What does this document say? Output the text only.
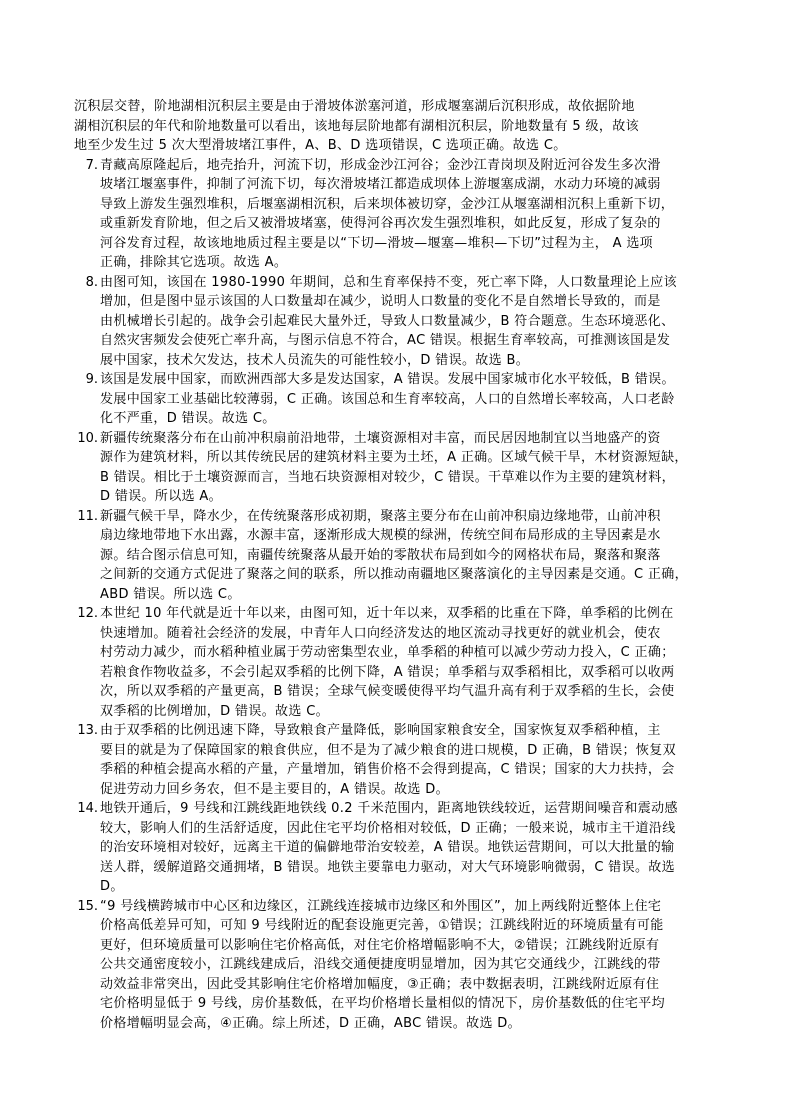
沉积层交替，阶地湖相沉积层主要是由于滑坡体淤塞河道，形成堰塞湖后沉积形成，故依据阶地
湖相沉积层的年代和阶地数量可以看出，该地每层阶地都有湖相沉积层，阶地数量有 5 级，故该
地至少发生过 5 次大型滑坡堵江事件，A、B、D 选项错误，C 选项正确。故选 C。
7. 青藏高原隆起后，地壳抬升，河流下切，形成金沙江河谷；金沙江青岗坝及附近河谷发生多次滑
坡堵江堰塞事件，抑制了河流下切，每次滑坡堵江都造成坝体上游堰塞成湖，水动力环境的减弱
导致上游发生强烈堆积，后堰塞湖相沉积，后来坝体被切穿，金沙江从堰塞湖相沉积上重新下切，
或重新发育阶地，但之后又被滑坡堵塞，使得河谷再次发生强烈堆积，如此反复，形成了复杂的
河谷发育过程，故该地地质过程主要是以“下切—滑坡—堰塞—堆积—下切”过程为主， A 选项
正确，排除其它选项。故选 A。
8. 由图可知，该国在 1980-1990 年期间，总和生育率保持不变，死亡率下降，人口数量理论上应该
增加，但是图中显示该国的人口数量却在减少，说明人口数量的变化不是自然增长导致的，而是
由机械增长引起的。战争会引起难民大量外迁，导致人口数量减少，B 符合题意。生态环境恶化、
自然灾害频发会使死亡率升高，与图示信息不符合，AC 错误。根据生育率较高，可推测该国是发
展中国家，技术欠发达，技术人员流失的可能性较小，D 错误。故选 B。
9. 该国是发展中国家，而欧洲西部大多是发达国家，A 错误。发展中国家城市化水平较低，B 错误。
发展中国家工业基础比较薄弱，C 正确。该国总和生育率较高，人口的自然增长率较高，人口老龄
化不严重，D 错误。故选 C。
10. 新疆传统聚落分布在山前冲积扇前沿地带，土壤资源相对丰富，而民居因地制宜以当地盛产的资
源作为建筑材料，所以其传统民居的建筑材料主要为土坯，A 正确。区域气候干旱，木材资源短缺，
B 错误。相比于土壤资源而言，当地石块资源相对较少，C 错误。干草难以作为主要的建筑材料，
D 错误。所以选 A。
11. 新疆气候干旱，降水少，在传统聚落形成初期，聚落主要分布在山前冲积扇边缘地带，山前冲积
扇边缘地带地下水出露，水源丰富，逐渐形成大规模的绿洲，传统空间布局形成的主导因素是水
源。结合图示信息可知，南疆传统聚落从最开始的零散状布局到如今的网格状布局，聚落和聚落
之间新的交通方式促进了聚落之间的联系，所以推动南疆地区聚落演化的主导因素是交通。C 正确，
ABD 错误。所以选 C。
12. 本世纪 10 年代就是近十年以来，由图可知，近十年以来，双季稻的比重在下降，单季稻的比例在
快速增加。随着社会经济的发展，中青年人口向经济发达的地区流动寻找更好的就业机会，使农
村劳动力减少，而水稻种植业属于劳动密集型农业，单季稻的种植可以减少劳动力投入，C 正确；
若粮食作物收益多，不会引起双季稻的比例下降，A 错误；单季稻与双季稻相比，双季稻可以收两
次，所以双季稻的产量更高，B 错误；全球气候变暖使得平均气温升高有利于双季稻的生长，会使
双季稻的比例增加，D 错误。故选 C。
13. 由于双季稻的比例迅速下降，导致粮食产量降低，影响国家粮食安全，国家恢复双季稻种植，主
要目的就是为了保障国家的粮食供应，但不是为了减少粮食的进口规模，D 正确，B 错误；恢复双
季稻的种植会提高水稻的产量，产量增加，销售价格不会得到提高，C 错误；国家的大力扶持，会
促进劳动力回乡务农，但不是主要目的，A 错误。故选 D。
14. 地铁开通后，9 号线和江跳线距地铁线 0.2 千米范围内，距离地铁线较近，运营期间噪音和震动感
较大，影响人们的生活舒适度，因此住宅平均价格相对较低，D 正确；一般来说，城市主干道沿线
的治安环境相对较好，远离主干道的偏僻地带治安较差，A 错误。地铁运营期间，可以大批量的输
送人群，缓解道路交通拥堵，B 错误。地铁主要靠电力驱动，对大气环境影响微弱，C 错误。故选
D。
15. “9 号线横跨城市中心区和边缘区，江跳线连接城市边缘区和外围区”，加上两线附近整体上住宅
价格高低差异可知，可知 9 号线附近的配套设施更完善，①错误；江跳线附近的环境质量有可能
更好，但环境质量可以影响住宅价格高低，对住宅价格增幅影响不大，②错误；江跳线附近原有
公共交通密度较小，江跳线建成后，沿线交通便捷度明显增加，因为其它交通线少，江跳线的带
动效益非常突出，因此受其影响住宅价格增加幅度，③正确；表中数据表明，江跳线附近原有住
宅价格明显低于 9 号线，房价基数低，在平均价格增长量相似的情况下，房价基数低的住宅平均
价格增幅明显会高，④正确。综上所述，D 正确，ABC 错误。故选 D。
